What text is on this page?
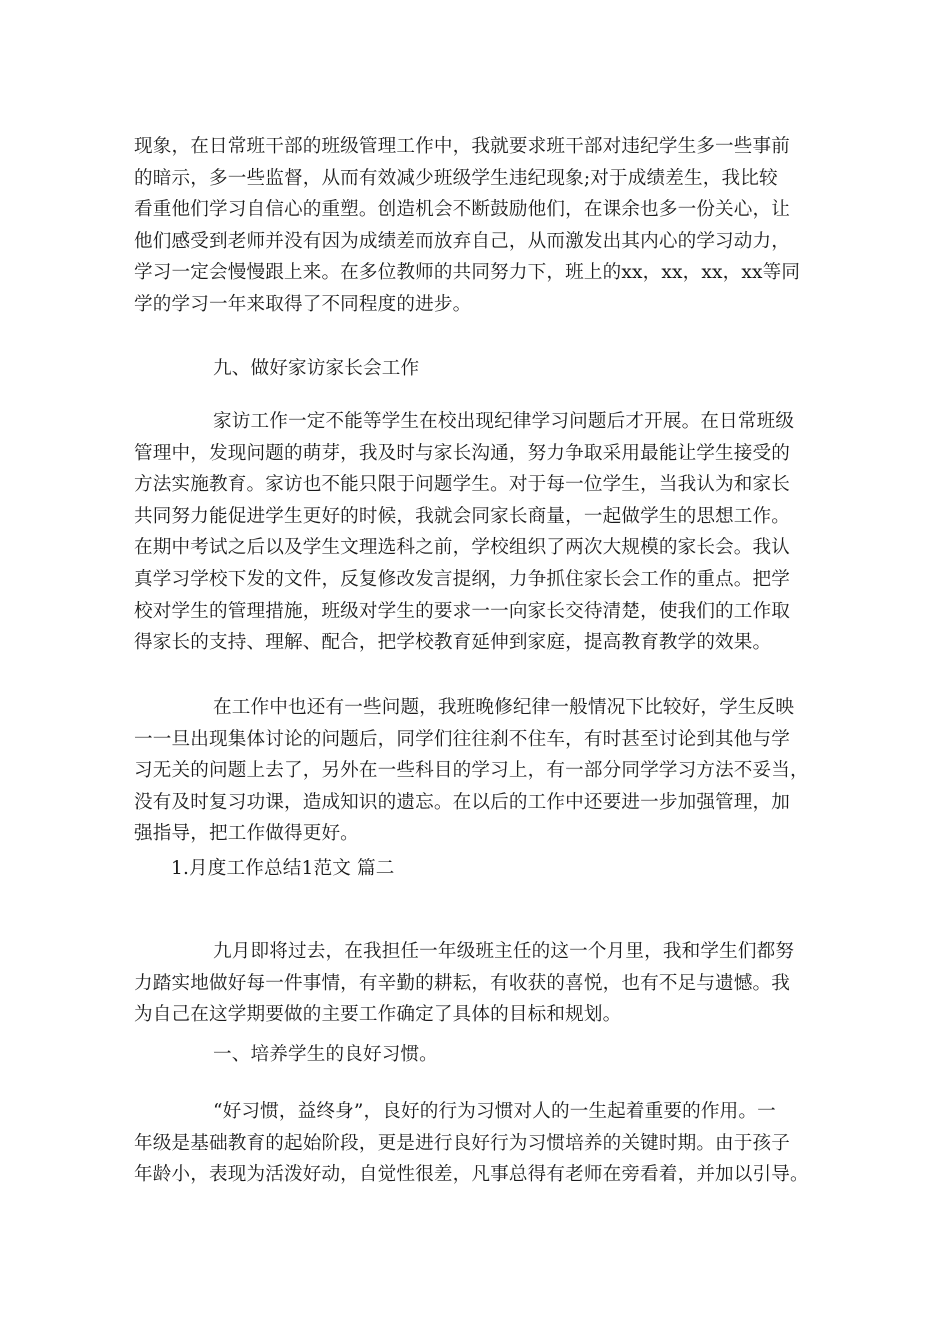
现象，在日常班干部的班级管理工作中，我就要求班干部对违纪学生多一些事前
的暗示，多一些监督，从而有效减少班级学生违纪现象;对于成绩差生，我比较
看重他们学习自信心的重塑。创造机会不断鼓励他们，在课余也多一份关心，让
他们感受到老师并没有因为成绩差而放弃自己，从而激发出其内心的学习动力，
学习一定会慢慢跟上来。在多位教师的共同努力下，班上的xx，xx，xx，xx等同
学的学习一年来取得了不同程度的进步。
九、做好家访家长会工作
家访工作一定不能等学生在校出现纪律学习问题后才开展。在日常班级
管理中，发现问题的萌芽，我及时与家长沟通，努力争取采用最能让学生接受的
方法实施教育。家访也不能只限于问题学生。对于每一位学生，当我认为和家长
共同努力能促进学生更好的时候，我就会同家长商量，一起做学生的思想工作。
在期中考试之后以及学生文理选科之前，学校组织了两次大规模的家长会。我认
真学习学校下发的文件，反复修改发言提纲，力争抓住家长会工作的重点。把学
校对学生的管理措施，班级对学生的要求一一向家长交待清楚，使我们的工作取
得家长的支持、理解、配合，把学校教育延伸到家庭，提高教育教学的效果。
在工作中也还有一些问题，我班晚修纪律一般情况下比较好，学生反映
一一旦出现集体讨论的问题后，同学们往往刹不住车，有时甚至讨论到其他与学
习无关的问题上去了，另外在一些科目的学习上，有一部分同学学习方法不妥当，
没有及时复习功课，造成知识的遗忘。在以后的工作中还要进一步加强管理，加
强指导，把工作做得更好。
1.月度工作总结1范文 篇二
九月即将过去，在我担任一年级班主任的这一个月里，我和学生们都努
力踏实地做好每一件事情，有辛勤的耕耘，有收获的喜悦，也有不足与遗憾。我
为自己在这学期要做的主要工作确定了具体的目标和规划。
一、培养学生的良好习惯。
“好习惯，益终身”，良好的行为习惯对人的一生起着重要的作用。一
年级是基础教育的起始阶段，更是进行良好行为习惯培养的关键时期。由于孩子
年龄小，表现为活泼好动，自觉性很差，凡事总得有老师在旁看着，并加以引导。
